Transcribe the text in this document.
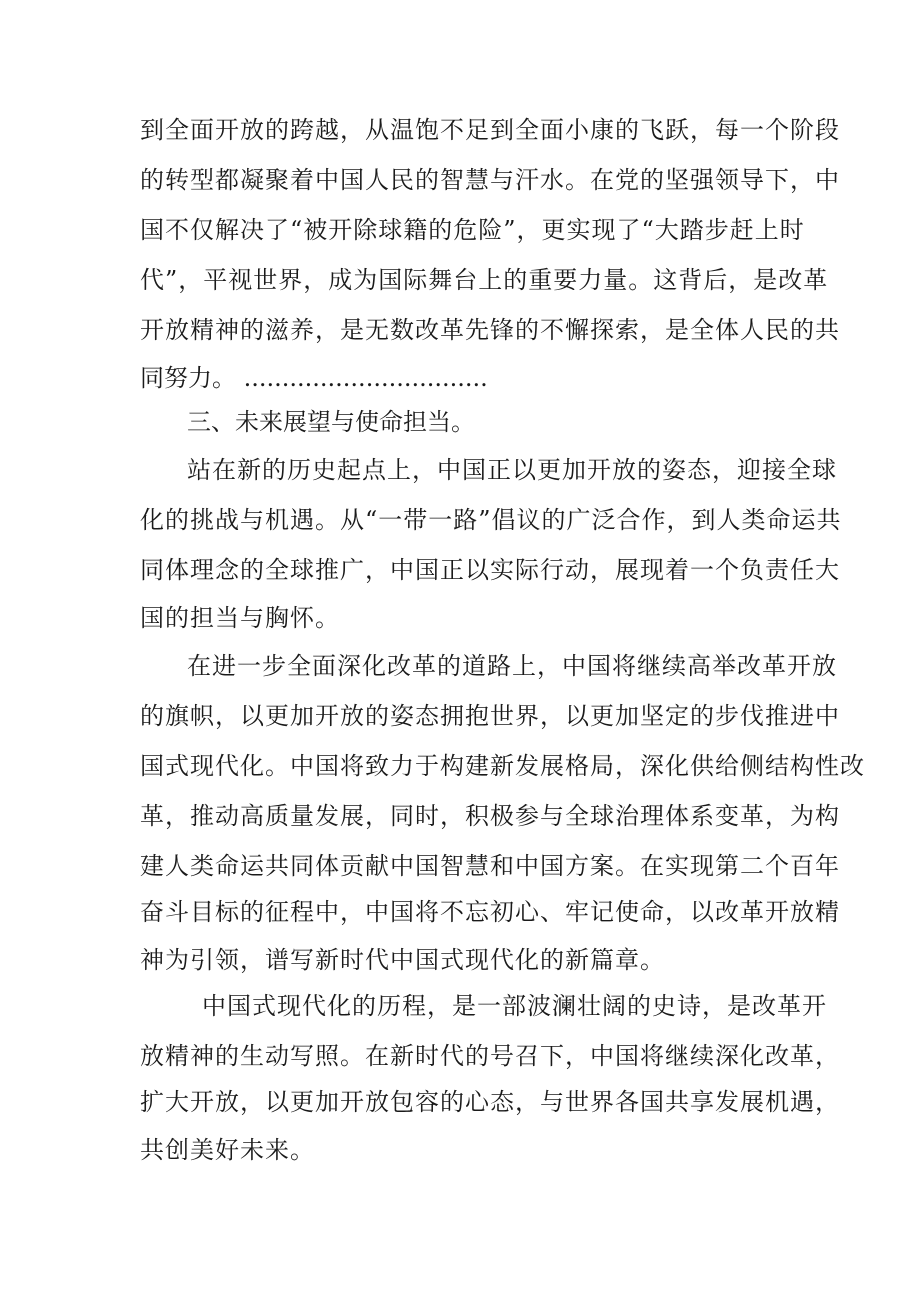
到全面开放的跨越，从温饱不足到全面小康的飞跃，每一个阶段
的转型都凝聚着中国人民的智慧与汗水。在党的坚强领导下，中
国不仅解决了“被开除球籍的危险”，更实现了“大踏步赶上时
代”，平视世界，成为国际舞台上的重要力量。这背后，是改革
开放精神的滋养，是无数改革先锋的不懈探索，是全体人民的共
同努力。 ................................
三、未来展望与使命担当。
站在新的历史起点上，中国正以更加开放的姿态，迎接全球
化的挑战与机遇。从“一带一路”倡议的广泛合作，到人类命运共
同体理念的全球推广，中国正以实际行动，展现着一个负责任大
国的担当与胸怀。
在进一步全面深化改革的道路上，中国将继续高举改革开放
的旗帜，以更加开放的姿态拥抱世界，以更加坚定的步伐推进中
国式现代化。中国将致力于构建新发展格局，深化供给侧结构性改
革，推动高质量发展，同时，积极参与全球治理体系变革，为构
建人类命运共同体贡献中国智慧和中国方案。在实现第二个百年
奋斗目标的征程中，中国将不忘初心、牢记使命，以改革开放精
神为引领，谱写新时代中国式现代化的新篇章。
中国式现代化的历程，是一部波澜壮阔的史诗，是改革开
放精神的生动写照。在新时代的号召下，中国将继续深化改革，
扩大开放，以更加开放包容的心态，与世界各国共享发展机遇，
共创美好未来。
